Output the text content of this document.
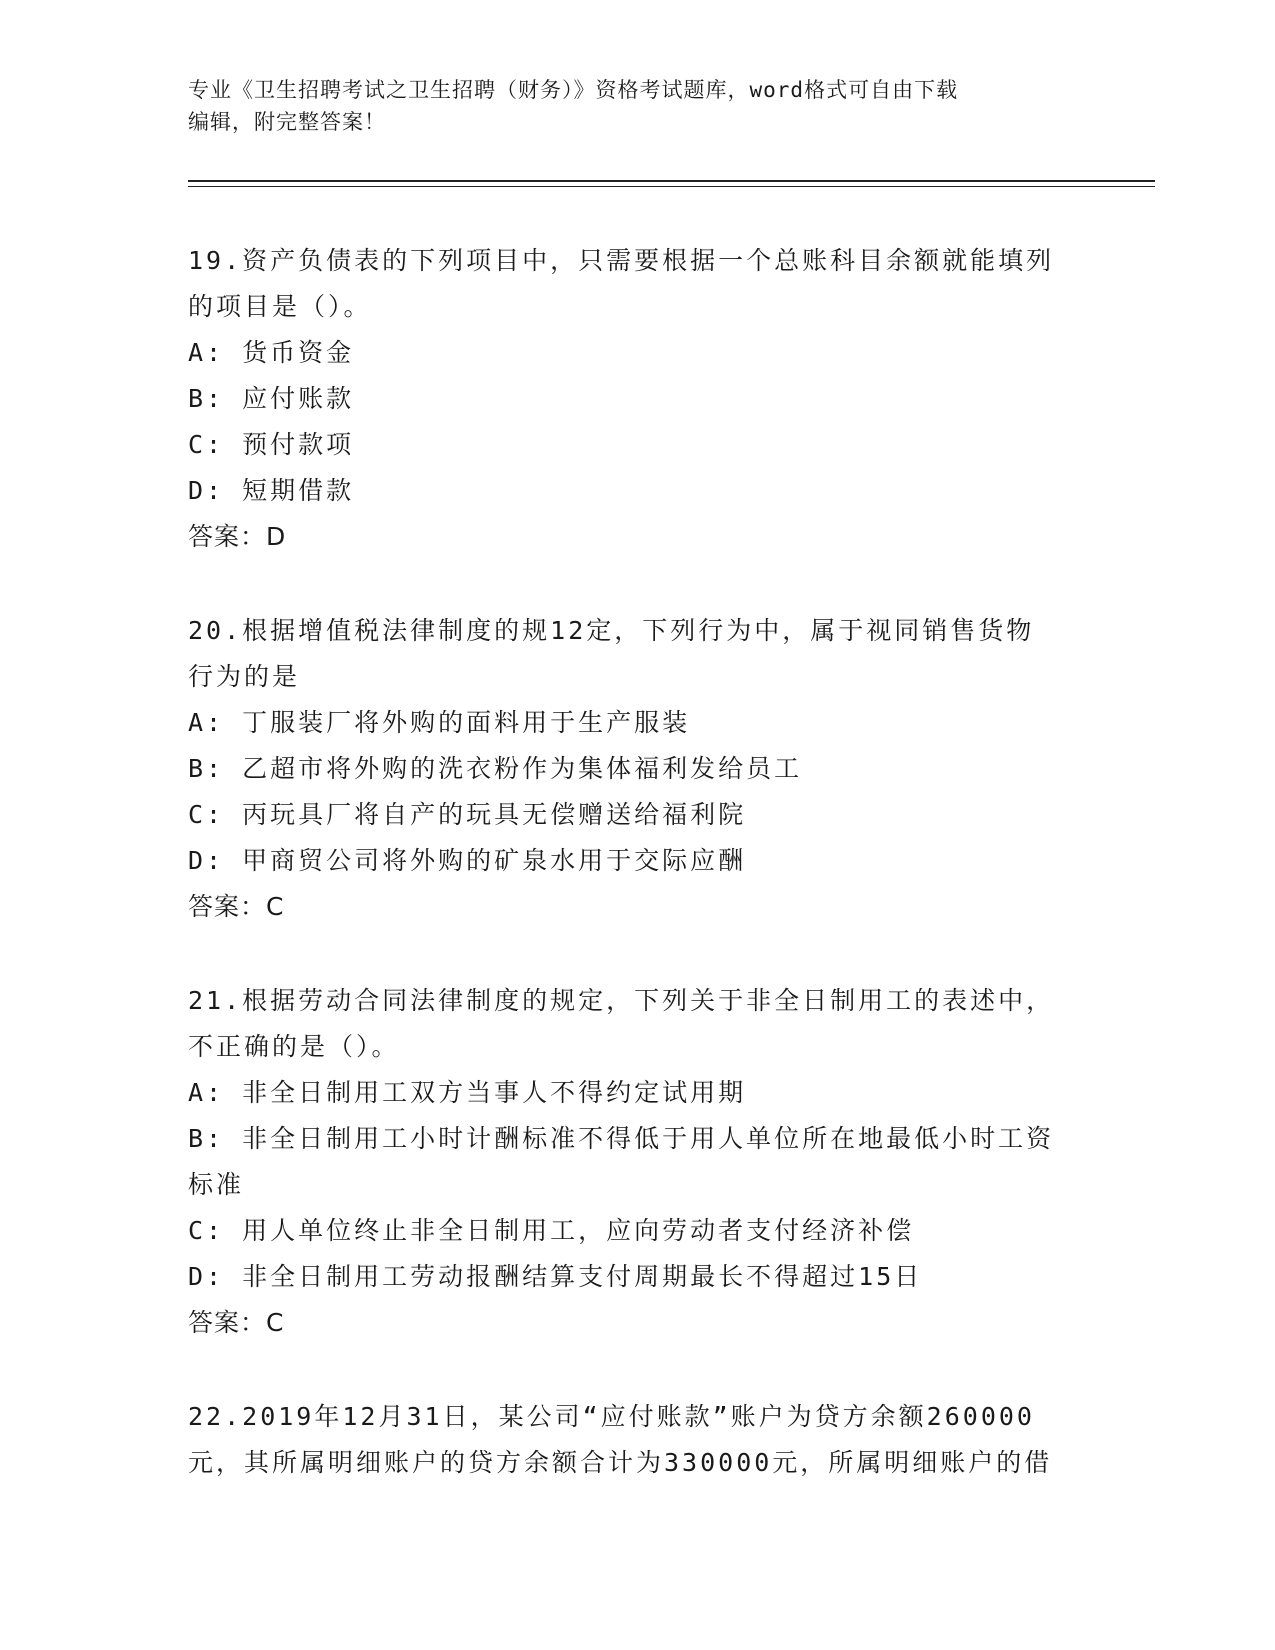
专业《卫生招聘考试之卫生招聘（财务）》资格考试题库，word格式可自由下载
编辑，附完整答案！
19.资产负债表的下列项目中，只需要根据一个总账科目余额就能填列
的项目是（）。
A: 货币资金
B: 应付账款
C: 预付款项
D: 短期借款
答案：D
20.根据增值税法律制度的规12定，下列行为中，属于视同销售货物
行为的是
A: 丁服装厂将外购的面料用于生产服装
B: 乙超市将外购的洗衣粉作为集体福利发给员工
C: 丙玩具厂将自产的玩具无偿赠送给福利院
D: 甲商贸公司将外购的矿泉水用于交际应酬
答案：C
21.根据劳动合同法律制度的规定，下列关于非全日制用工的表述中，
不正确的是（）。
A: 非全日制用工双方当事人不得约定试用期
B: 非全日制用工小时计酬标准不得低于用人单位所在地最低小时工资
标准
C: 用人单位终止非全日制用工，应向劳动者支付经济补偿
D: 非全日制用工劳动报酬结算支付周期最长不得超过15日
答案：C
22.2019年12月31日，某公司“应付账款”账户为贷方余额260000
元，其所属明细账户的贷方余额合计为330000元，所属明细账户的借
